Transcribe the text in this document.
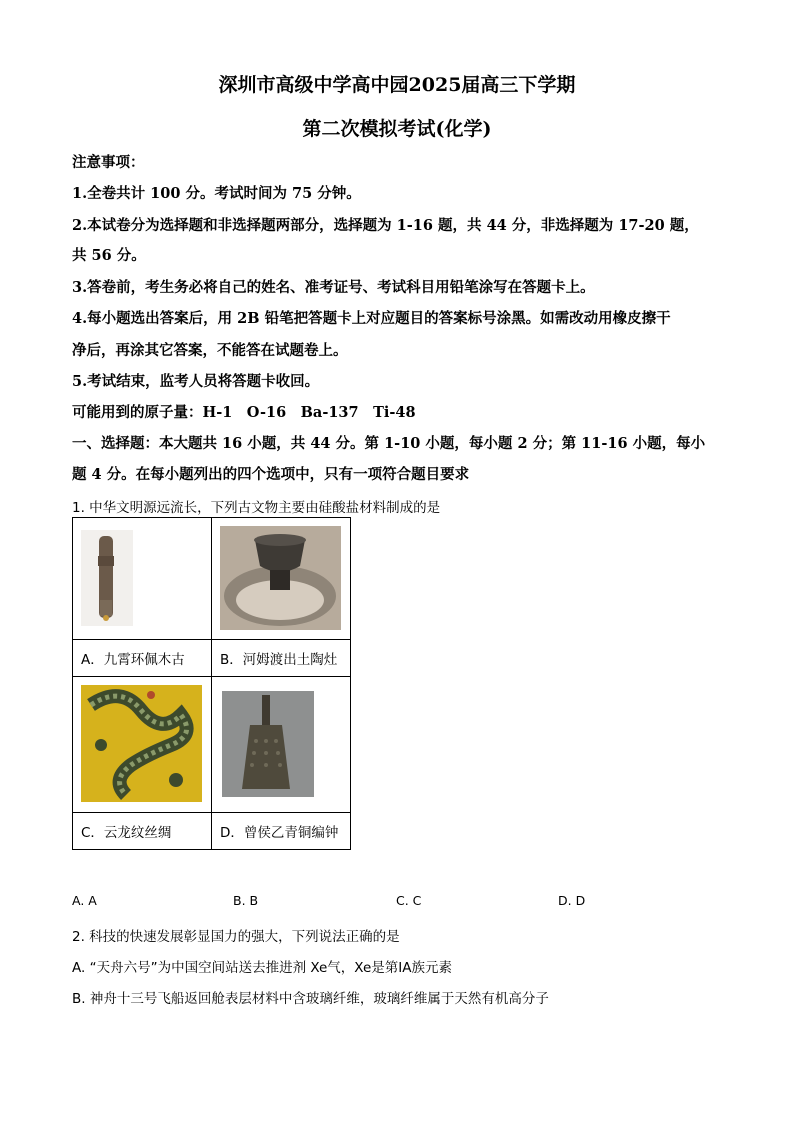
深圳市高级中学高中园2025届高三下学期
第二次模拟考试(化学)
注意事项：
1.全卷共计 100 分。考试时间为 75 分钟。
2.本试卷分为选择题和非选择题两部分，选择题为 1-16 题，共 44 分，非选择题为 17-20 题，
共 56 分。
3.答卷前，考生务必将自己的姓名、准考证号、考试科目用铅笔涂写在答题卡上。
4.每小题选出答案后，用 2B 铅笔把答题卡上对应题目的答案标号涂黑。如需改动用橡皮擦干
净后，再涂其它答案，不能答在试题卷上。
5.考试结束，监考人员将答题卡收回。
可能用到的原子量：H-1　O-16　Ba-137　Ti-48
一、选择题：本大题共 16 小题，共 44 分。第 1-10 小题，每小题 2 分；第 11-16 小题，每小
题 4 分。在每小题列出的四个选项中，只有一项符合题目要求
1. 中华文明源远流长，下列古文物主要由硅酸盐材料制成的是

A．九霄环佩木古	B．河姆渡出土陶灶

C．云龙纹丝绸	D．曾侯乙青铜编钟
A. A	B. B	C. C	D. D
2. 科技的快速发展彰显国力的强大，下列说法正确的是
A. “天舟六号”为中国空间站送去推进剂 Xe气，Xe是第ⅠA族元素
B. 神舟十三号飞船返回舱表层材料中含玻璃纤维，玻璃纤维属于天然有机高分子
